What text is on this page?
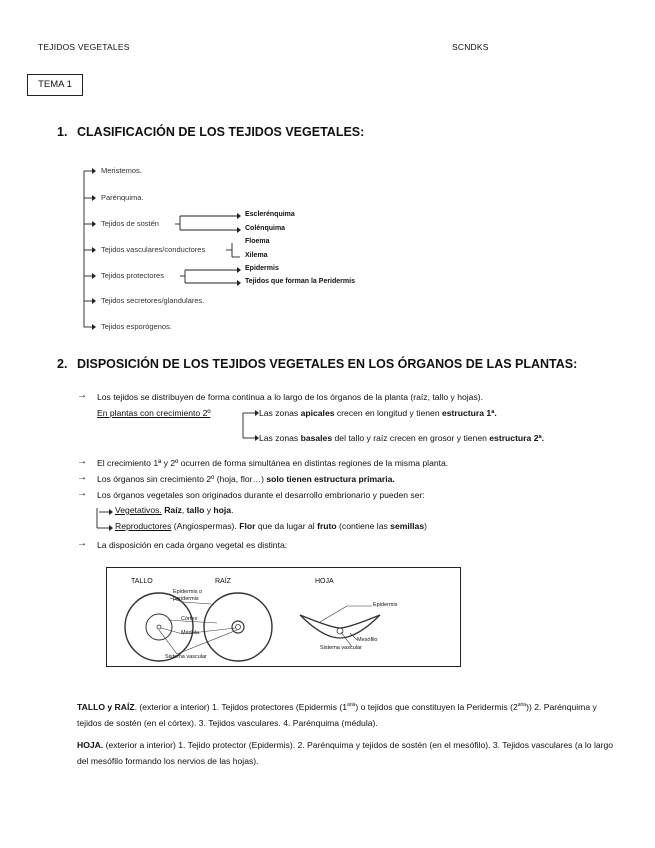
TEJIDOS VEGETALES	SCNDKS
TEMA 1
1. CLASIFICACIÓN DE LOS TEJIDOS VEGETALES:
Meristemos.
Parénquima.
Tejidos de sostén
Tejidos vasculares/conductores
Tejidos protectores
Tejidos secretores/glandulares.
Tejidos esporógenos.
Esclerénquima
Colénquima
Floema
Xilema
Epidermis
Tejidos que forman la Peridermis
2. DISPOSICIÓN DE LOS TEJIDOS VEGETALES EN LOS ÓRGANOS DE LAS PLANTAS:
→ Los tejidos se distribuyen de forma continua a lo largo de los órganos de la planta (raíz, tallo y hojas).
En plantas con crecimiento 2º	Las zonas apicales crecen en longitud y tienen estructura 1ª.
Las zonas basales del tallo y raíz crecen en grosor y tienen estructura 2ª.
→ El crecimiento 1ª y 2º ocurren de forma simultánea en distintas regiones de la misma planta.
→ Los órganos sin crecimiento 2º (hoja, flor…) solo tienen estructura primaria.
→ Los órganos vegetales son originados durante el desarrollo embrionario y pueden ser:
Vegetativos. Raíz, tallo y hoja.
Reproductores (Angiospermas). Flor que da lugar al fruto (contiene las semillas)
→ La disposición en cada órgano vegetal es distinta:
TALLO	RAÍZ	HOJA
Epidermis o
peridermis
Córtex
Médula
Sistema vascular
Epidermis
Mesófilo
Sistema vascular
TALLO y RAÍZ. (exterior a interior) 1. Tejidos protectores (Epidermis $(1^{aria})$ o tejidos que constituyen la Peridermis $(2^{aria})$) 2. Parénquima y tejidos de sostén (en el córtex). 3. Tejidos vasculares. 4. Parénquima (médula).
HOJA. (exterior a interior) 1. Tejido protector (Epidermis). 2. Parénquima y tejidos de sostén (en el mesófilo). 3. Tejidos vasculares (a lo largo del mesófilo formando los nervios de las hojas).
